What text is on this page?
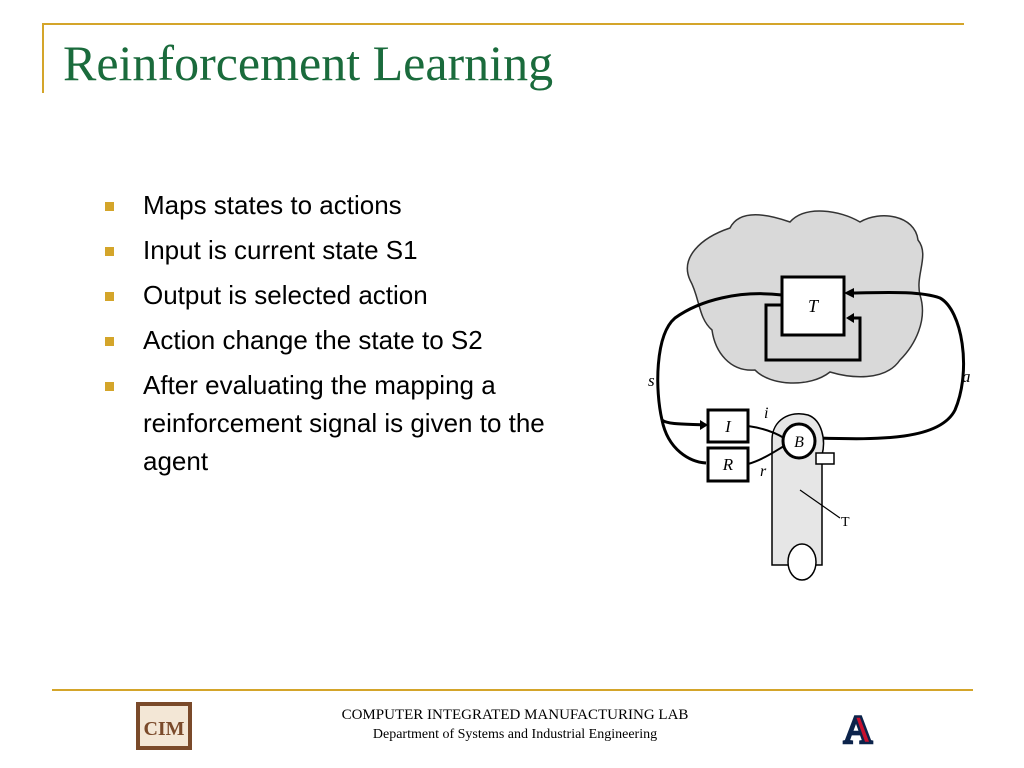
Reinforcement Learning
Maps states to actions
Input is current state S1
Output is selected action
Action change the state to S2
After evaluating the mapping a reinforcement signal is given to the agent
T
I
R
B
s	a
i
r
T
CIM
COMPUTER INTEGRATED MANUFACTURING LAB
Department of Systems and Industrial Engineering	A
